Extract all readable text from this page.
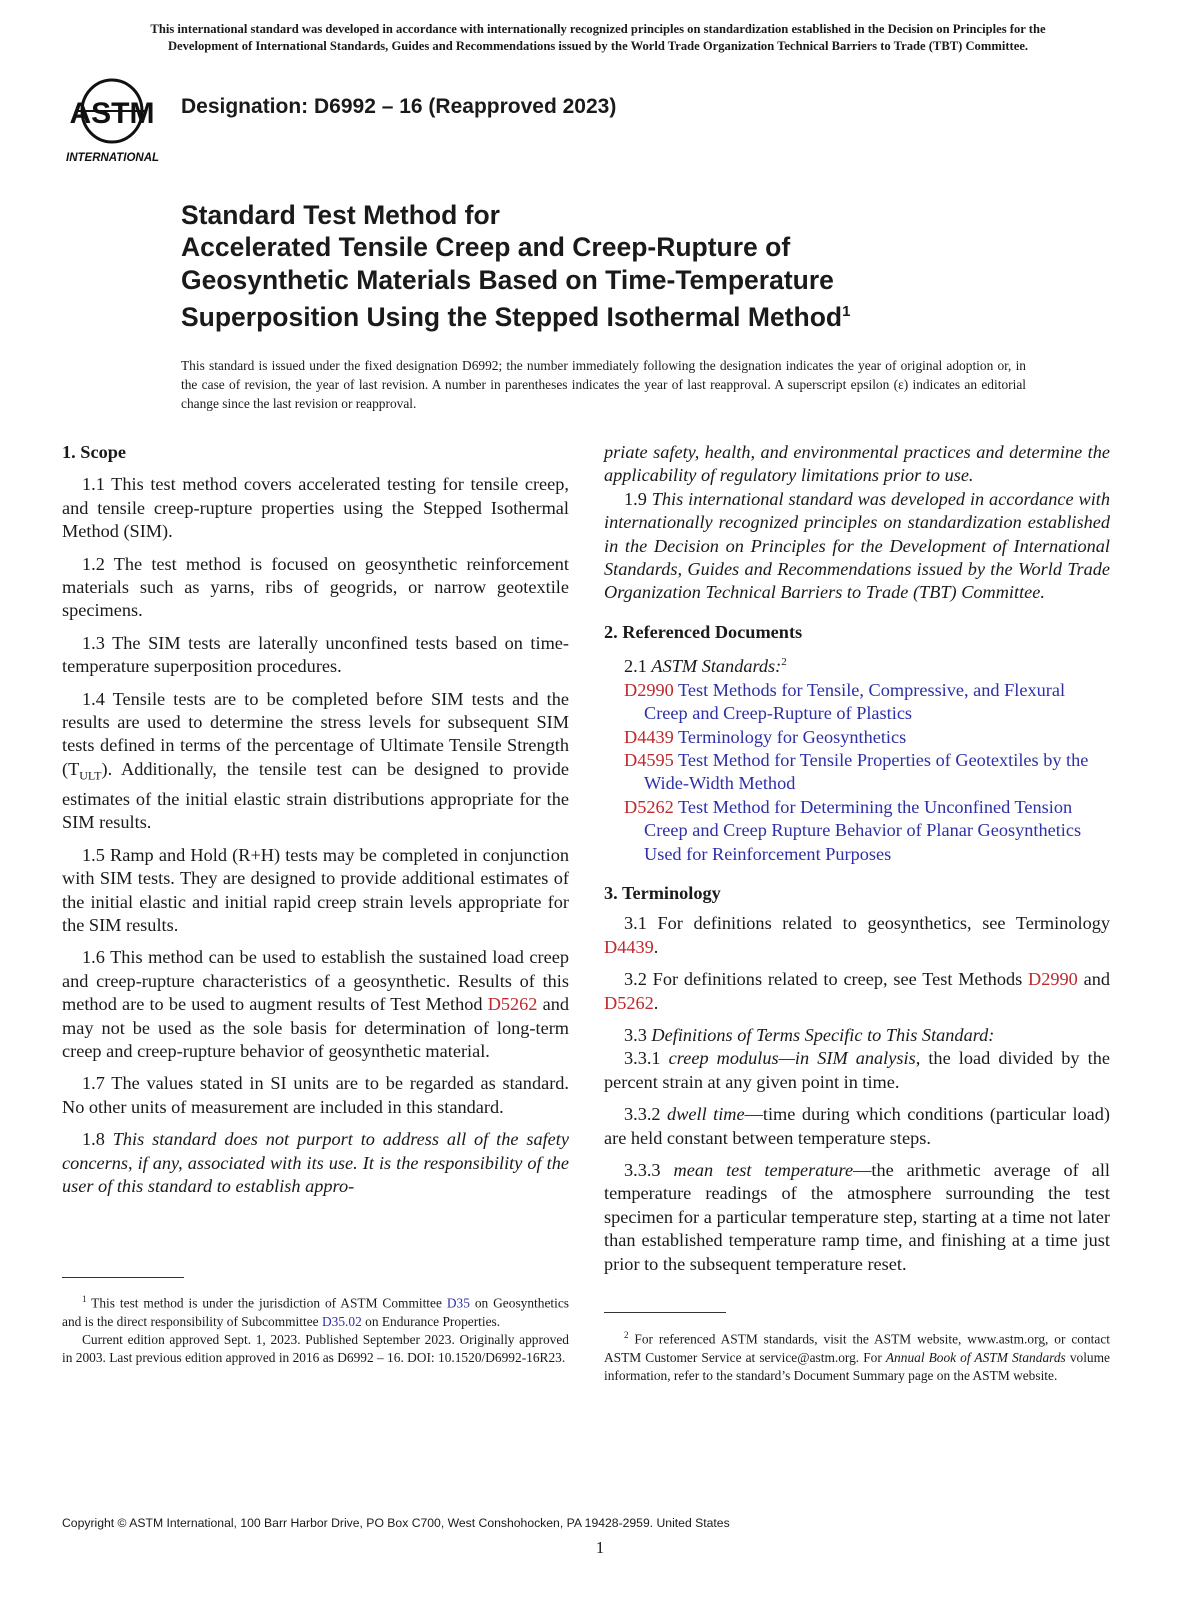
This international standard was developed in accordance with internationally recognized principles on standardization established in the Decision on Principles for the
Development of International Standards, Guides and Recommendations issued by the World Trade Organization Technical Barriers to Trade (TBT) Committee.
ASTM
INTERNATIONAL
Designation: D6992 – 16 (Reapproved 2023)
Standard Test Method for
Accelerated Tensile Creep and Creep-Rupture of
Geosynthetic Materials Based on Time-Temperature
Superposition Using the Stepped Isothermal Method$^1$
This standard is issued under the fixed designation D6992; the number immediately following the designation indicates the year of original adoption or, in the case of revision, the year of last revision. A number in parentheses indicates the year of last reapproval. A superscript epsilon (ε) indicates an editorial change since the last revision or reapproval.
1. Scope

1.1 This test method covers accelerated testing for tensile creep, and tensile creep-rupture properties using the Stepped Isothermal Method (SIM).

1.2 The test method is focused on geosynthetic reinforcement materials such as yarns, ribs of geogrids, or narrow geotextile specimens.

1.3 The SIM tests are laterally unconfined tests based on time-temperature superposition procedures.

1.4 Tensile tests are to be completed before SIM tests and the results are used to determine the stress levels for subsequent SIM tests defined in terms of the percentage of Ultimate Tensile Strength $(T_{ULT})$. Additionally, the tensile test can be designed to provide estimates of the initial elastic strain distributions appropriate for the SIM results.

1.5 Ramp and Hold (R+H) tests may be completed in conjunction with SIM tests. They are designed to provide additional estimates of the initial elastic and initial rapid creep strain levels appropriate for the SIM results.

1.6 This method can be used to establish the sustained load creep and creep-rupture characteristics of a geosynthetic. Results of this method are to be used to augment results of Test Method D5262 and may not be used as the sole basis for determination of long-term creep and creep-rupture behavior of geosynthetic material.

1.7 The values stated in SI units are to be regarded as standard. No other units of measurement are included in this standard.

1.8 This standard does not purport to address all of the safety concerns, if any, associated with its use. It is the responsibility of the user of this standard to establish appro-

$^1$ This test method is under the jurisdiction of ASTM Committee D35 on Geosynthetics and is the direct responsibility of Subcommittee D35.02 on Endurance Properties.

Current edition approved Sept. 1, 2023. Published September 2023. Originally approved in 2003. Last previous edition approved in 2016 as D6992 – 16. DOI: 10.1520/D6992-16R23.

priate safety, health, and environmental practices and determine the applicability of regulatory limitations prior to use.

1.9 This international standard was developed in accordance with internationally recognized principles on standardization established in the Decision on Principles for the Development of International Standards, Guides and Recommendations issued by the World Trade Organization Technical Barriers to Trade (TBT) Committee.

2. Referenced Documents

2.1 ASTM Standards:$^2$

D2990 Test Methods for Tensile, Compressive, and Flexural Creep and Creep-Rupture of Plastics

D4439 Terminology for Geosynthetics

D4595 Test Method for Tensile Properties of Geotextiles by the Wide-Width Method

D5262 Test Method for Determining the Unconfined Tension Creep and Creep Rupture Behavior of Planar Geosynthetics Used for Reinforcement Purposes

3. Terminology

3.1 For definitions related to geosynthetics, see Terminology D4439.

3.2 For definitions related to creep, see Test Methods D2990 and D5262.

3.3 Definitions of Terms Specific to This Standard:

3.3.1 creep modulus—in SIM analysis, the load divided by the percent strain at any given point in time.

3.3.2 dwell time—time during which conditions (particular load) are held constant between temperature steps.

3.3.3 mean test temperature—the arithmetic average of all temperature readings of the atmosphere surrounding the test specimen for a particular temperature step, starting at a time not later than established temperature ramp time, and finishing at a time just prior to the subsequent temperature reset.

$^2$ For referenced ASTM standards, visit the ASTM website, www.astm.org, or contact ASTM Customer Service at service@astm.org. For Annual Book of ASTM Standards volume information, refer to the standard’s Document Summary page on the ASTM website.

Copyright © ASTM International, 100 Barr Harbor Drive, PO Box C700, West Conshohocken, PA 19428-2959. United States
1
